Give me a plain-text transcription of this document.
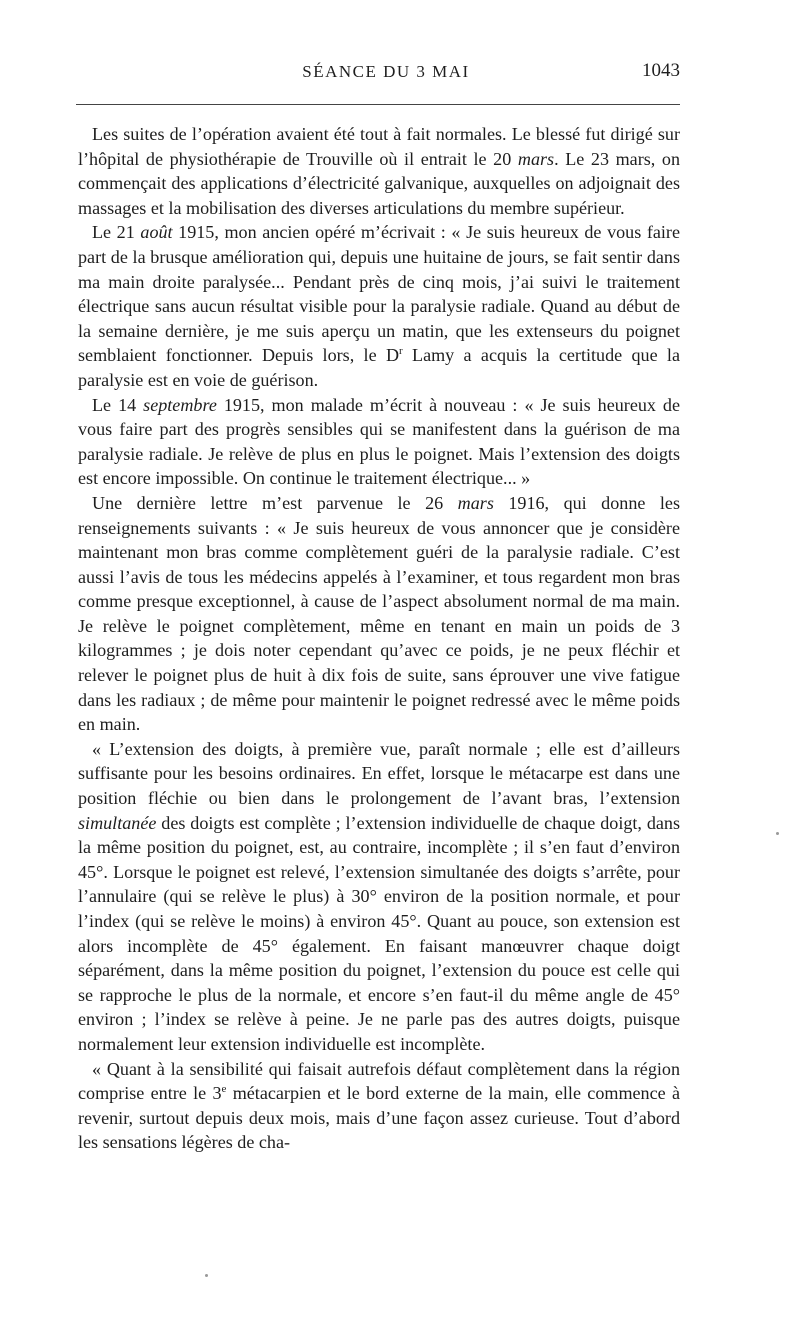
SÉANCE DU 3 MAI	1043

Les suites de l’opération avaient été tout à fait normales. Le blessé fut dirigé sur l’hôpital de physiothérapie de Trouville où il entrait le 20 mars. Le 23 mars, on commençait des applications d’électricité galvanique, auxquelles on adjoignait des massages et la mobilisation des diverses articulations du membre supérieur.

Le 21 août 1915, mon ancien opéré m’écrivait : « Je suis heureux de vous faire part de la brusque amélioration qui, depuis une huitaine de jours, se fait sentir dans ma main droite paralysée... Pendant près de cinq mois, j’ai suivi le traitement électrique sans aucun résultat visible pour la paralysie radiale. Quand au début de la semaine dernière, je me suis aperçu un matin, que les extenseurs du poignet semblaient fonctionner. Depuis lors, le $D^r$ Lamy a acquis la certitude que la paralysie est en voie de guérison.

Le 14 septembre 1915, mon malade m’écrit à nouveau : « Je suis heureux de vous faire part des progrès sensibles qui se manifestent dans la guérison de ma paralysie radiale. Je relève de plus en plus le poignet. Mais l’extension des doigts est encore impossible. On continue le traitement électrique... »

Une dernière lettre m’est parvenue le 26 mars 1916, qui donne les renseignements suivants : « Je suis heureux de vous annoncer que je considère maintenant mon bras comme complètement guéri de la paralysie radiale. C’est aussi l’avis de tous les médecins appelés à l’examiner, et tous regardent mon bras comme presque exceptionnel, à cause de l’aspect absolument normal de ma main. Je relève le poignet complètement, même en tenant en main un poids de 3 kilogrammes ; je dois noter cependant qu’avec ce poids, je ne peux fléchir et relever le poignet plus de huit à dix fois de suite, sans éprouver une vive fatigue dans les radiaux ; de même pour maintenir le poignet redressé avec le même poids en main.

« L’extension des doigts, à première vue, paraît normale ; elle est d’ailleurs suffisante pour les besoins ordinaires. En effet, lorsque le métacarpe est dans une position fléchie ou bien dans le prolongement de l’avant bras, l’extension simultanée des doigts est complète ; l’extension individuelle de chaque doigt, dans la même position du poignet, est, au contraire, incomplète ; il s’en faut d’environ 45°. Lorsque le poignet est relevé, l’extension simultanée des doigts s’arrête, pour l’annulaire (qui se relève le plus) à 30° environ de la position normale, et pour l’index (qui se relève le moins) à environ 45°. Quant au pouce, son extension est alors incomplète de 45° également. En faisant manœuvrer chaque doigt séparément, dans la même position du poignet, l’extension du pouce est celle qui se rapproche le plus de la normale, et encore s’en faut-il du même angle de 45° environ ; l’index se relève à peine. Je ne parle pas des autres doigts, puisque normalement leur extension individuelle est incomplète.

« Quant à la sensibilité qui faisait autrefois défaut complètement dans la région comprise entre le 3e métacarpien et le bord externe de la main, elle commence à revenir, surtout depuis deux mois, mais d’une façon assez curieuse. Tout d’abord les sensations légères de cha-
